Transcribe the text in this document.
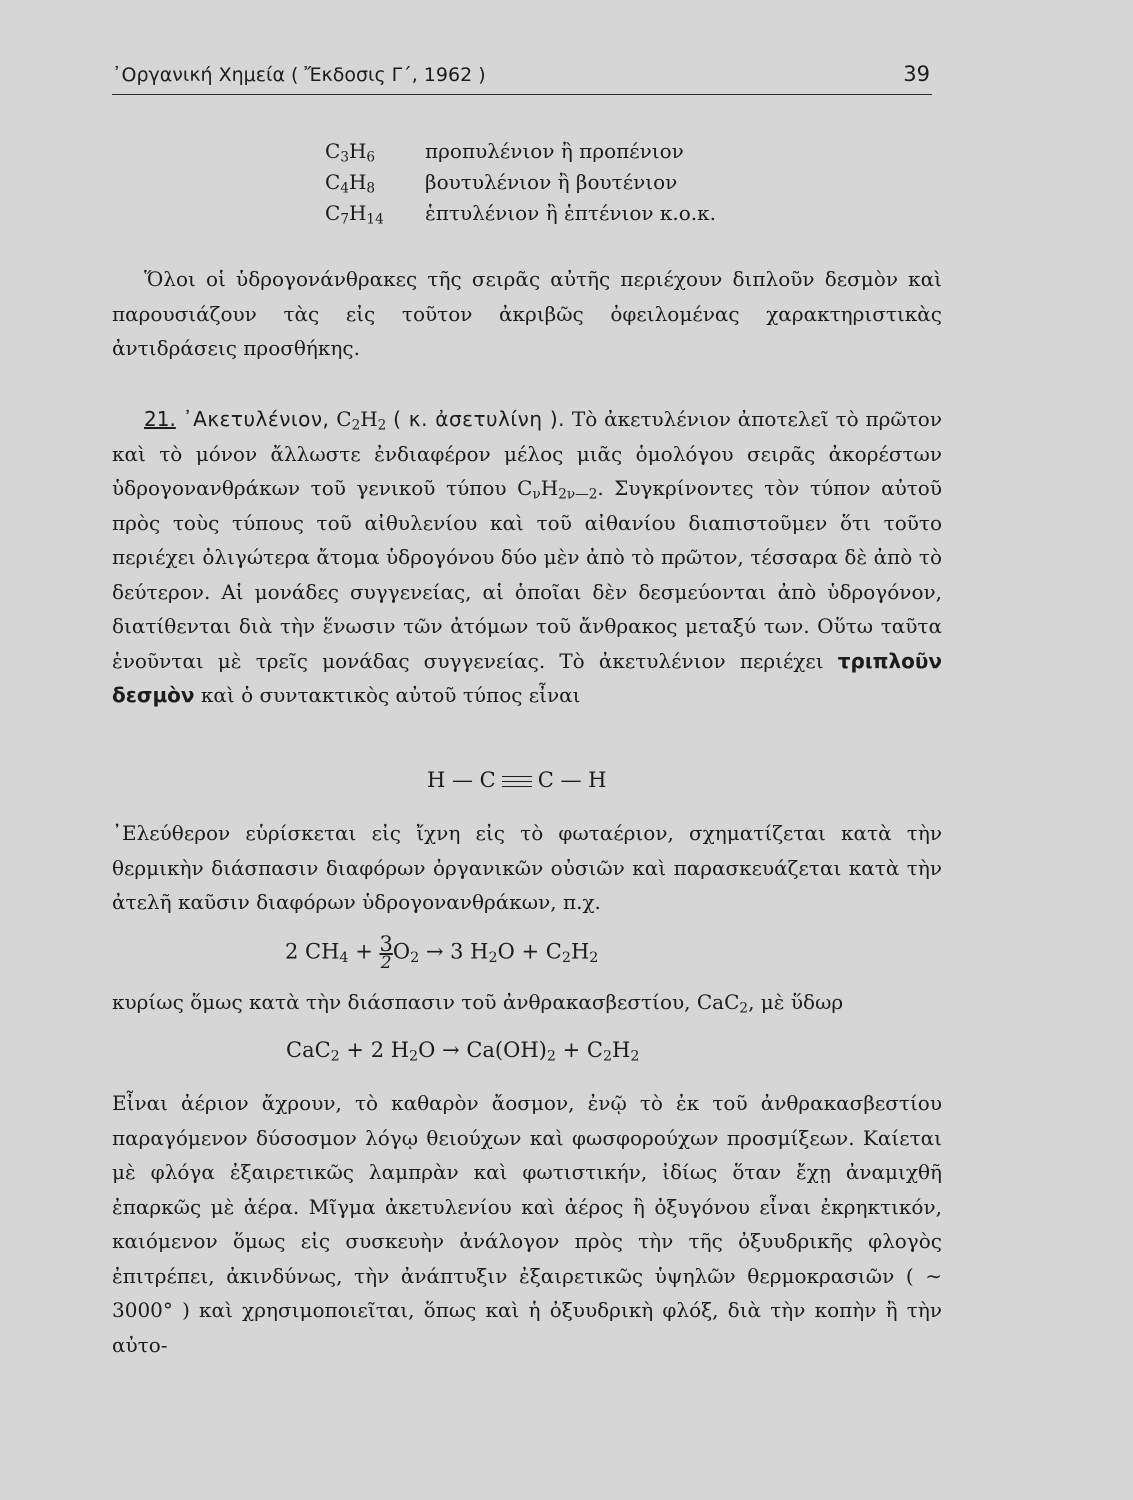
᾿Οργανική Χημεία ( Ἔκδοσις Γ΄, 1962 )	39
$C_3H_6$	προπυλένιον ἢ προπένιον
$C_4H_8$	βουτυλένιον ἢ βουτένιον
$C_7H_{14}$	ἑπτυλένιον ἢ ἑπτένιον κ.ο.κ.

Ὅλοι οἱ ὑδρογονάνθρακες τῆς σειρᾶς αὐτῆς περιέχουν διπλοῦν δεσμὸν καὶ παρουσιάζουν τὰς εἰς τοῦτον ἀκριβῶς ὀφειλομένας χαρακτηριστικὰς ἀντιδράσεις προσθήκης.

21. ᾿Ακετυλένιον, $C_2H_2$ ( κ. ἀσετυλίνη ). Τὸ ἀκετυλένιον ἀποτελεῖ τὸ πρῶτον καὶ τὸ μόνον ἄλλωστε ἐνδιαφέρον μέλος μιᾶς ὁμολόγου σειρᾶς ἀκορέστων ὑδρογονανθράκων τοῦ γενικοῦ τύπου $C_\nu H_{2\nu—2}$. Συγκρίνοντες τὸν τύπον αὐτοῦ πρὸς τοὺς τύπους τοῦ αἰθυλενίου καὶ τοῦ αἰθανίου διαπιστοῦμεν ὅτι τοῦτο περιέχει ὀλιγώτερα ἄτομα ὑδρογόνου δύο μὲν ἀπὸ τὸ πρῶτον, τέσσαρα δὲ ἀπὸ τὸ δεύτερον. Αἱ μονάδες συγγενείας, αἱ ὁποῖαι δὲν δεσμεύονται ἀπὸ ὑδρογόνον, διατίθενται διὰ τὴν ἕνωσιν τῶν ἀτόμων τοῦ ἄνθρακος μεταξύ των. Οὕτω ταῦτα ἑνοῦνται μὲ τρεῖς μονάδας συγγενείας. Τὸ ἀκετυλένιον περιέχει τριπλοῦν δεσμὸν καὶ ὁ συντακτικὸς αὐτοῦ τύπος εἶναι

H — C C — H

᾿Ελεύθερον εὑρίσκεται εἰς ἴχνη εἰς τὸ φωταέριον, σχηματίζεται κατὰ τὴν θερμικὴν διάσπασιν διαφόρων ὀργανικῶν οὐσιῶν καὶ παρασκευάζεται κατὰ τὴν ἀτελῆ καῦσιν διαφόρων ὑδρογονανθράκων, π.χ.

2 $CH_4 + \frac{3}{2} O_2 \to 3$ $H_2O + C_2H_2$

κυρίως ὅμως κατὰ τὴν διάσπασιν τοῦ ἀνθρακασβεστίου, CaC$_2$, μὲ ὕδωρ

CaC$_2$ + 2 $H_2O \to Ca(OH)_2 + C_2H_2$

Εἶναι ἀέριον ἄχρουν, τὸ καθαρὸν ἄοσμον, ἐνῷ τὸ ἐκ τοῦ ἀνθρακασβεστίου παραγόμενον δύσοσμον λόγῳ θειούχων καὶ φωσφορούχων προσμίξεων. Καίεται μὲ φλόγα ἐξαιρετικῶς λαμπρὰν καὶ φωτιστικήν, ἰδίως ὅταν ἔχῃ ἀναμιχθῆ ἐπαρκῶς μὲ ἀέρα. Μῖγμα ἀκετυλενίου καὶ ἀέρος ἢ ὀξυγόνου εἶναι ἐκρηκτικόν, καιόμενον ὅμως εἰς συσκευὴν ἀνάλογον πρὸς τὴν τῆς ὀξυυδρικῆς φλογὸς ἐπιτρέπει, ἀκινδύνως, τὴν ἀνάπτυξιν ἐξαιρετικῶς ὑψηλῶν θερμοκρασιῶν ( ∼ 3000° ) καὶ χρησιμοποιεῖται, ὅπως καὶ ἡ ὀξυυδρικὴ φλόξ, διὰ τὴν κοπὴν ἢ τὴν αὐτο-
